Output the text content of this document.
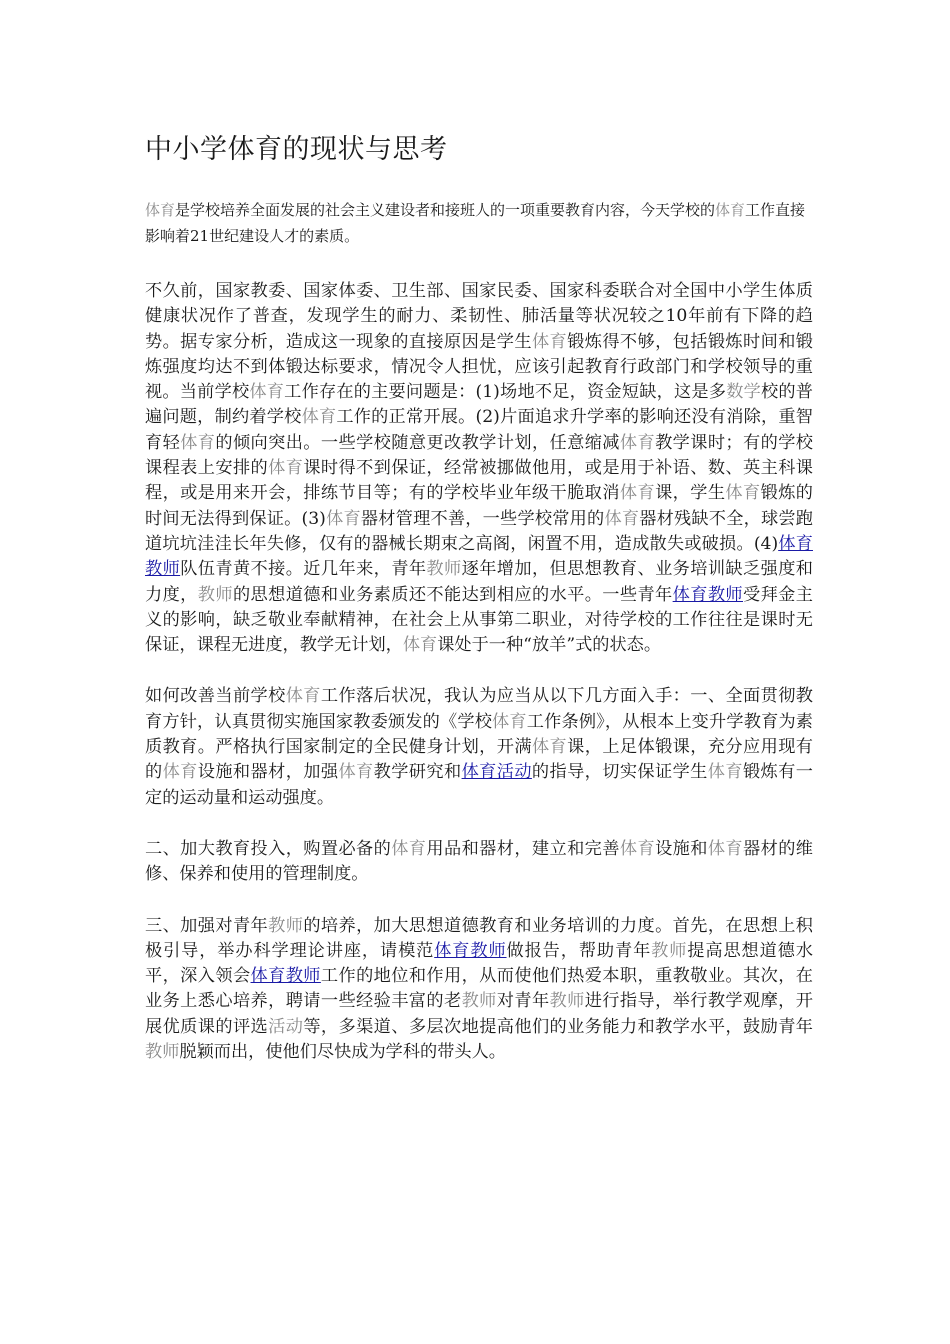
中小学体育的现状与思考

体育是学校培养全面发展的社会主义建设者和接班人的一项重要教育内容，今天学校的体育工作直接影响着21世纪建设人才的素质。

不久前，国家教委、国家体委、卫生部、国家民委、国家科委联合对全国中小学生体质健康状况作了普查，发现学生的耐力、柔韧性、肺活量等状况较之10年前有下降的趋势。据专家分析，造成这一现象的直接原因是学生体育锻炼得不够，包括锻炼时间和锻炼强度均达不到体锻达标要求，情况令人担忧，应该引起教育行政部门和学校领导的重视。当前学校体育工作存在的主要问题是：(1)场地不足，资金短缺，这是多数学校的普遍问题，制约着学校体育工作的正常开展。(2)片面追求升学率的影响还没有消除，重智育轻体育的倾向突出。一些学校随意更改教学计划，任意缩减体育教学课时；有的学校课程表上安排的体育课时得不到保证，经常被挪做他用，或是用于补语、数、英主科课程，或是用来开会，排练节目等；有的学校毕业年级干脆取消体育课，学生体育锻炼的时间无法得到保证。(3)体育器材管理不善，一些学校常用的体育器材残缺不全，球尝跑道坑坑洼洼长年失修，仅有的器械长期束之高阁，闲置不用，造成散失或破损。(4)体育教师队伍青黄不接。近几年来，青年教师逐年增加，但思想教育、业务培训缺乏强度和力度，教师的思想道德和业务素质还不能达到相应的水平。一些青年体育教师受拜金主义的影响，缺乏敬业奉献精神，在社会上从事第二职业，对待学校的工作往往是课时无保证，课程无进度，教学无计划，体育课处于一种“放羊”式的状态。

如何改善当前学校体育工作落后状况，我认为应当从以下几方面入手：一、全面贯彻教育方针，认真贯彻实施国家教委颁发的《学校体育工作条例》，从根本上变升学教育为素质教育。严格执行国家制定的全民健身计划，开满体育课，上足体锻课，充分应用现有的体育设施和器材，加强体育教学研究和体育活动的指导，切实保证学生体育锻炼有一定的运动量和运动强度。

二、加大教育投入，购置必备的体育用品和器材，建立和完善体育设施和体育器材的维修、保养和使用的管理制度。

三、加强对青年教师的培养，加大思想道德教育和业务培训的力度。首先，在思想上积极引导，举办科学理论讲座，请模范体育教师做报告，帮助青年教师提高思想道德水平，深入领会体育教师工作的地位和作用，从而使他们热爱本职，重教敬业。其次，在业务上悉心培养，聘请一些经验丰富的老教师对青年教师进行指导，举行教学观摩，开展优质课的评选活动等，多渠道、多层次地提高他们的业务能力和教学水平，鼓励青年教师脱颖而出，使他们尽快成为学科的带头人。
